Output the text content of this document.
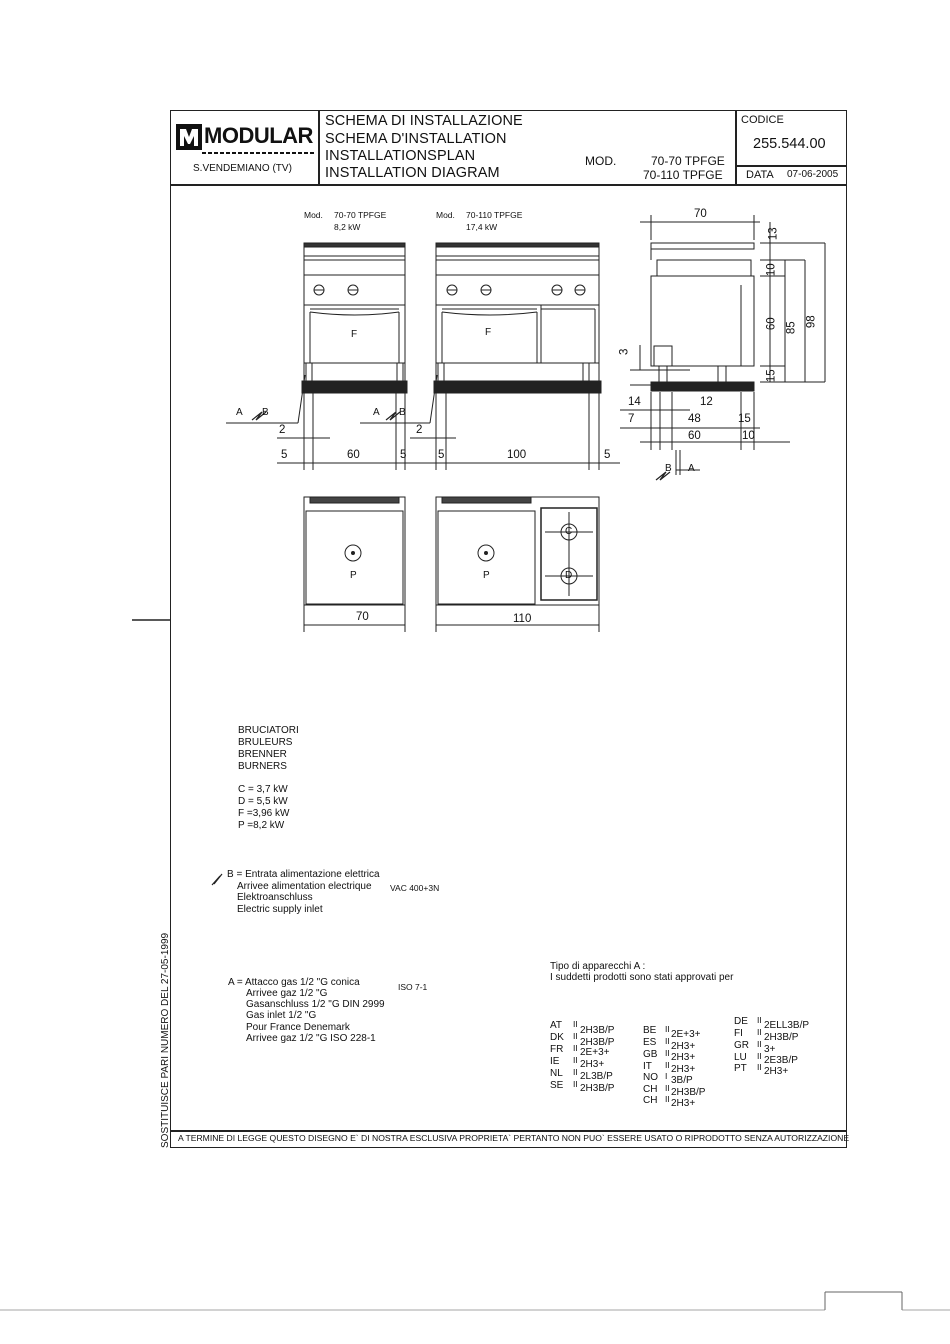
MODULAR
S.VENDEMIANO (TV)
SCHEMA DI INSTALLAZIONE
SCHEMA D'INSTALLATION
INSTALLATIONSPLAN
INSTALLATION DIAGRAM
MOD.	70-70 TPFGE
70-110 TPFGE
CODICE
255.544.00
DATA 07-06-2005
Mod. 70-70 TPFGE
8,2 kW
Mod. 70-110 TPFGE
17,4 kW
F	F
A B	A B
B A
2
5	60	5
2
5	100	5
70
13
10
60 85 98
15
3
14
7	48
12
15
60	10
P	P
C
D
70	110
BRUCIATORI
BRULEURS
BRENNER
BURNERS
C = 3,7 kW
D = 5,5 kW
F =3,96 kW
P =8,2 kW
B = Entrata alimentazione elettrica
Arrivee alimentation electrique
Elektroanschluss
Electric supply inlet
VAC 400+3N
A = Attacco gas 1/2 "G conica
Arrivee gaz 1/2 "G
Gasanschluss 1/2 "G DIN 2999
Gas inlet 1/2 "G
Pour France Denemark
Arrivee gaz 1/2 "G ISO 228-1
ISO 7-1
Tipo di apparecchi A :
I suddetti prodotti sono stati approvati per
AT II
2H3B/P
DK II
2H3B/P
FR II 2E+3+
IE II 2H3+
NL II 2L3B/P
SE II 2H3B/P
BE II 2E+3+
ES II 2H3+
GB II 2H3+
IT II 2H3+
NO I 3B/P
CH II 2H3B/P
CH II 2H3+
DE II 2ELL3B/P
FI II 2H3B/P
GR II 3+
LU II 2E3B/P
PT II 2H3+
A TERMINE DI LEGGE QUESTO DISEGNO E` DI NOSTRA ESCLUSIVA PROPRIETA` PERTANTO NON PUO` ESSERE USATO O RIPRODOTTO SENZA AUTORIZZAZIONE
SOSTITUISCE PARI NUMERO DEL 27-05-1999
